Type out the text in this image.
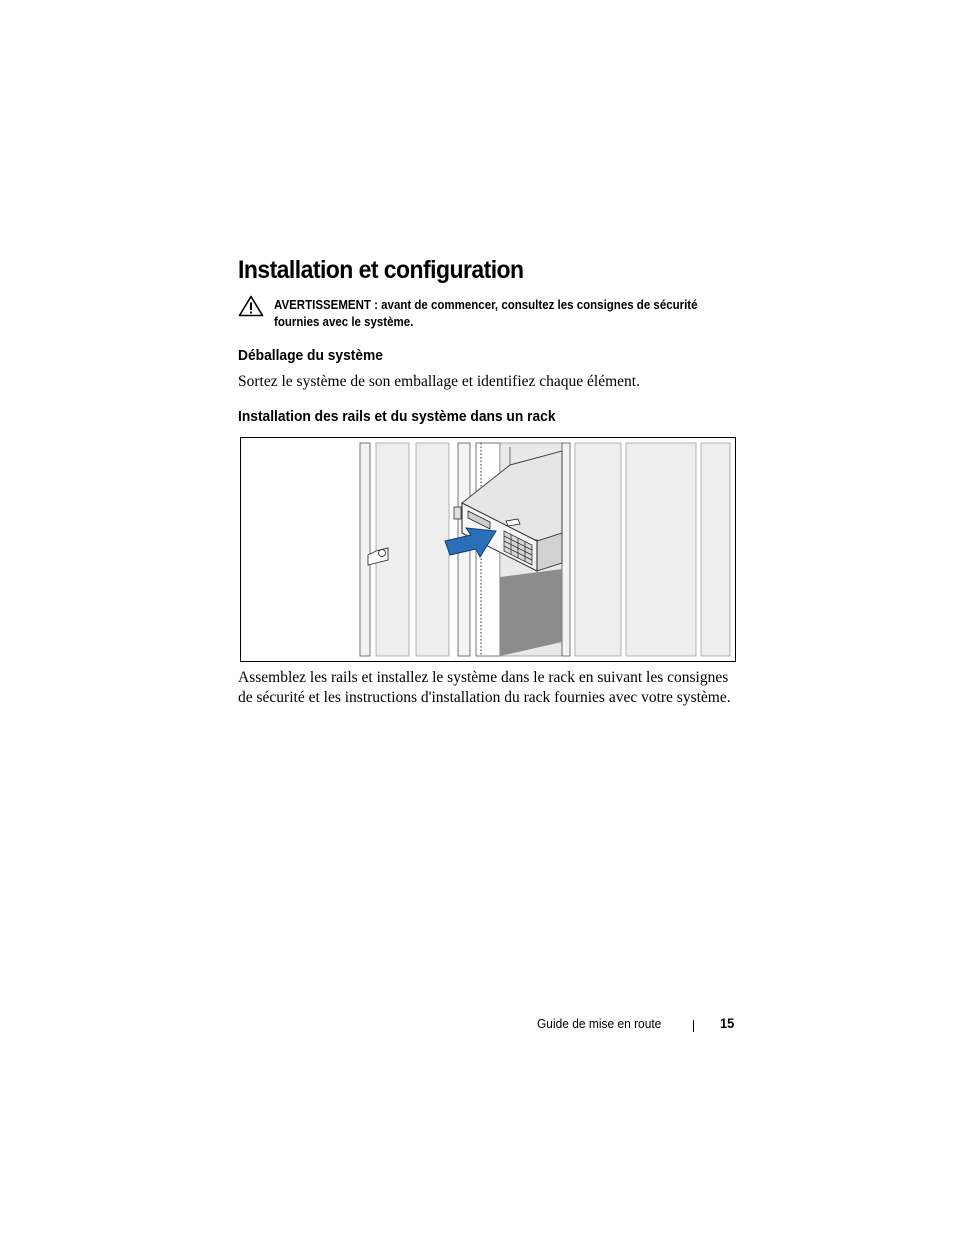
Installation et configuration
AVERTISSEMENT : avant de commencer, consultez les consignes de sécurité fournies avec le système.
Déballage du système
Sortez le système de son emballage et identifiez chaque élément.
Installation des rails et du système dans un rack
Assemblez les rails et installez le système dans le rack en suivant les consignes de sécurité et les instructions d'installation du rack fournies avec votre système.
Guide de mise en route	15
